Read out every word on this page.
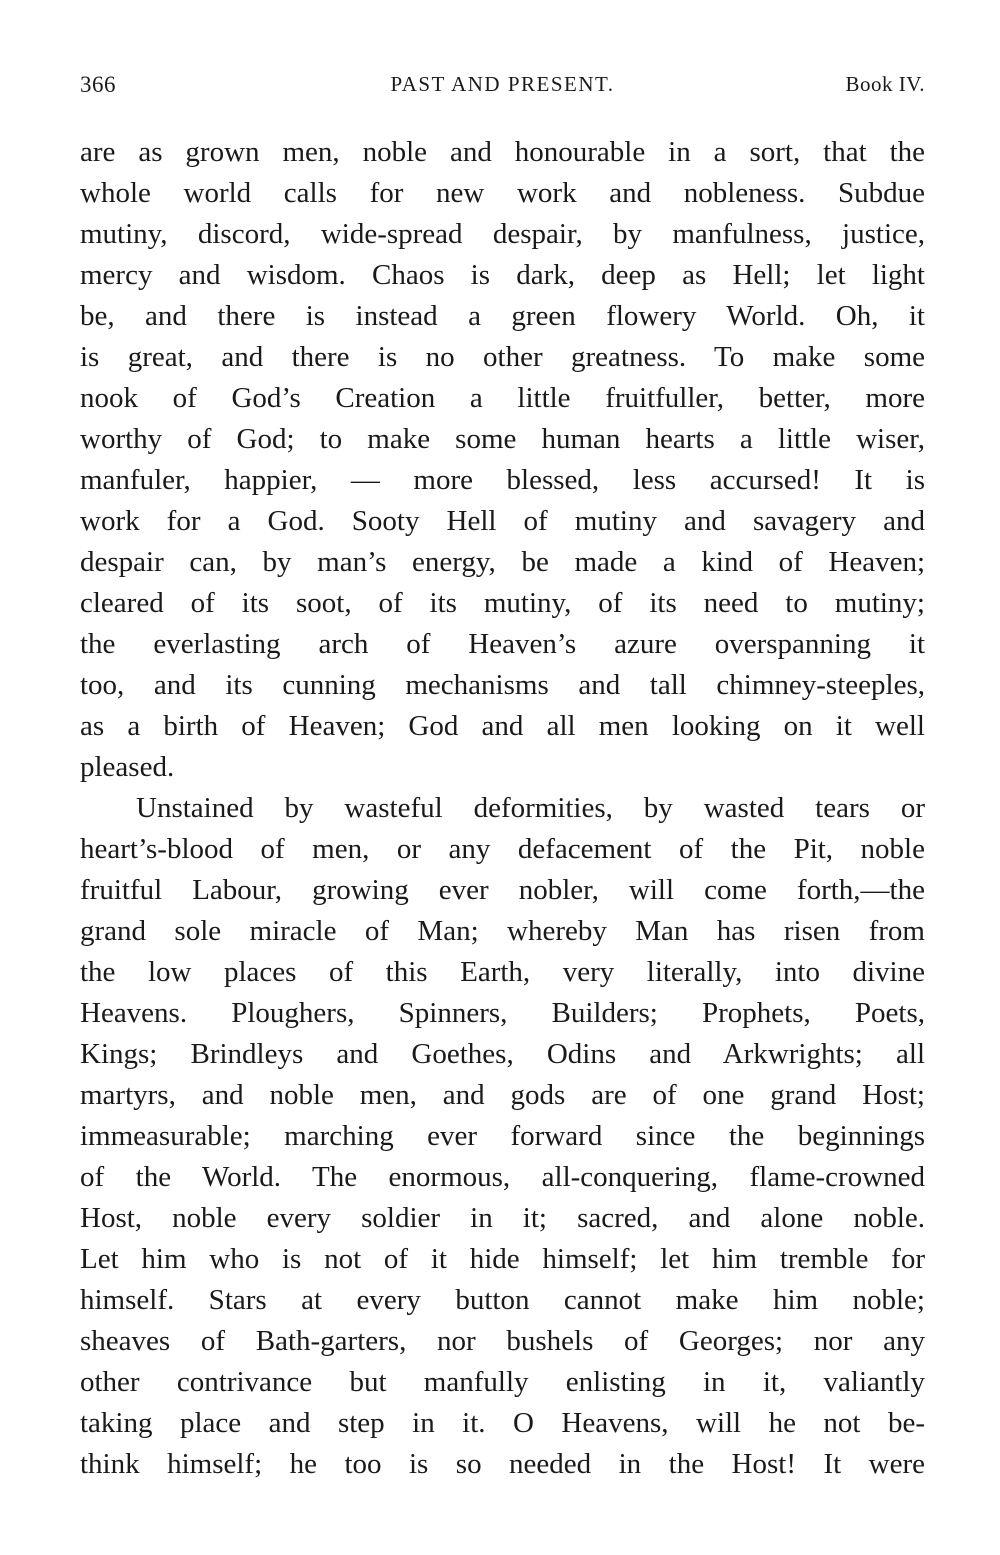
366	PAST AND PRESENT.	Book IV.
are as grown men, noble and honourable in a sort, that the
whole world calls for new work and nobleness. Subdue
mutiny, discord, wide-spread despair, by manfulness, justice,
mercy and wisdom. Chaos is dark, deep as Hell; let light
be, and there is instead a green flowery World. Oh, it
is great, and there is no other greatness. To make some
nook of God’s Creation a little fruitfuller, better, more
worthy of God; to make some human hearts a little wiser,
manfuler, happier, — more blessed, less accursed! It is
work for a God. Sooty Hell of mutiny and savagery and
despair can, by man’s energy, be made a kind of Heaven;
cleared of its soot, of its mutiny, of its need to mutiny;
the everlasting arch of Heaven’s azure overspanning it
too, and its cunning mechanisms and tall chimney-steeples,
as a birth of Heaven; God and all men looking on it well
pleased.
Unstained by wasteful deformities, by wasted tears or
heart’s-blood of men, or any defacement of the Pit, noble
fruitful Labour, growing ever nobler, will come forth,—the
grand sole miracle of Man; whereby Man has risen from
the low places of this Earth, very literally, into divine
Heavens. Ploughers, Spinners, Builders; Prophets, Poets,
Kings; Brindleys and Goethes, Odins and Arkwrights; all
martyrs, and noble men, and gods are of one grand Host;
immeasurable; marching ever forward since the beginnings
of the World. The enormous, all-conquering, flame-crowned
Host, noble every soldier in it; sacred, and alone noble.
Let him who is not of it hide himself; let him tremble for
himself. Stars at every button cannot make him noble;
sheaves of Bath-garters, nor bushels of Georges; nor any
other contrivance but manfully enlisting in it, valiantly
taking place and step in it. O Heavens, will he not be-
think himself; he too is so needed in the Host! It were
